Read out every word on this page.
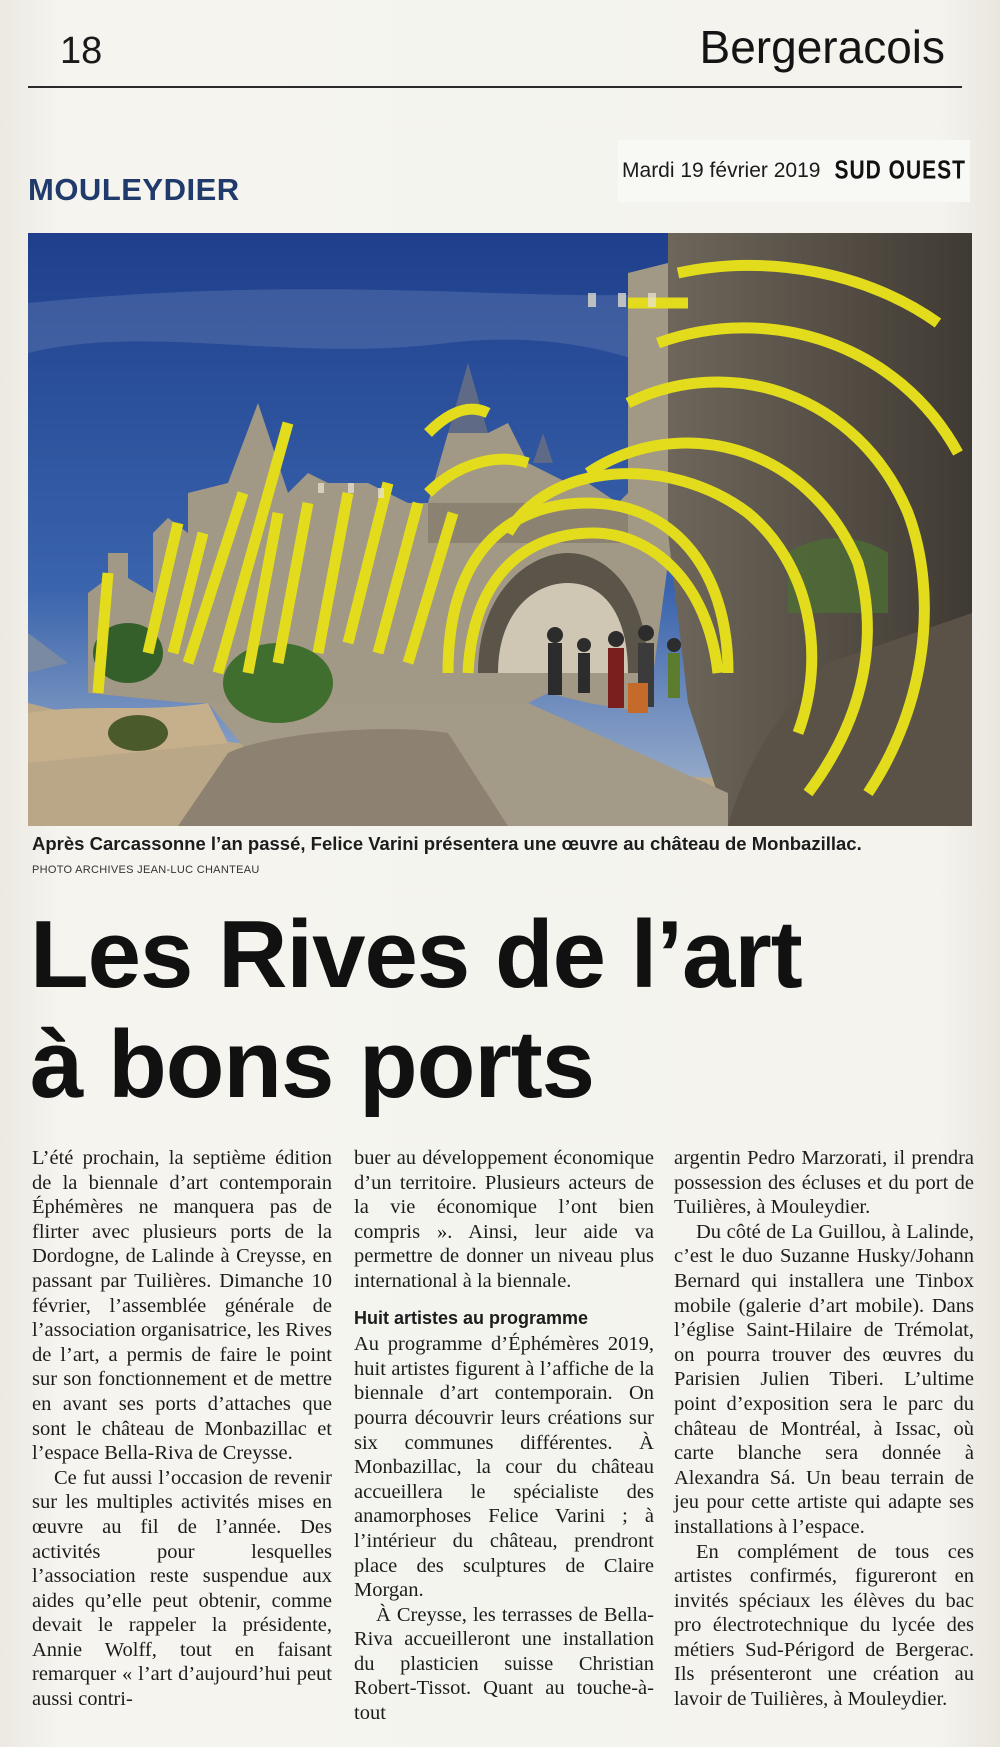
18	Bergeracois
Mardi 19 février 2019 SUD OUEST
MOULEYDIER
Après Carcassonne l’an passé, Felice Varini présentera une œuvre au château de Monbazillac.
PHOTO ARCHIVES JEAN-LUC CHANTEAU
Les Rives de l’art
à bons ports

L’été prochain, la septième édition de la biennale d’art contemporain Éphémères ne manquera pas de flirter avec plusieurs ports de la Dordogne, de Lalinde à Creysse, en passant par Tuilières. Dimanche 10 février, l’assemblée générale de l’association organisatrice, les Rives de l’art, a permis de faire le point sur son fonctionnement et de mettre en avant ses ports d’attaches que sont le château de Monbazillac et l’espace Bella-Riva de Creysse.

Ce fut aussi l’occasion de revenir sur les multiples activités mises en œuvre au fil de l’année. Des activités pour lesquelles l’association reste suspendue aux aides qu’elle peut obtenir, comme devait le rappeler la présidente, Annie Wolff, tout en faisant remarquer « l’art d’aujourd’hui peut aussi contri-

buer au développement économique d’un territoire. Plusieurs acteurs de la vie économique l’ont bien compris ». Ainsi, leur aide va permettre de donner un niveau plus international à la biennale.

Huit artistes au programme

Au programme d’Éphémères 2019, huit artistes figurent à l’affiche de la biennale d’art contemporain. On pourra découvrir leurs créations sur six communes différentes. À Monbazillac, la cour du château accueillera le spécialiste des anamorphoses Felice Varini ; à l’intérieur du château, prendront place des sculptures de Claire Morgan.

À Creysse, les terrasses de Bella-Riva accueilleront une installation du plasticien suisse Christian Robert-Tissot. Quant au touche-à-tout

argentin Pedro Marzorati, il prendra possession des écluses et du port de Tuilières, à Mouleydier.

Du côté de La Guillou, à Lalinde, c’est le duo Suzanne Husky/Johann Bernard qui installera une Tinbox mobile (galerie d’art mobile). Dans l’église Saint-Hilaire de Trémolat, on pourra trouver des œuvres du Parisien Julien Tiberi. L’ultime point d’exposition sera le parc du château de Montréal, à Issac, où carte blanche sera donnée à Alexandra Sá. Un beau terrain de jeu pour cette artiste qui adapte ses installations à l’espace.

En complément de tous ces artistes confirmés, figureront en invités spéciaux les élèves du bac pro électrotechnique du lycée des métiers Sud-Périgord de Bergerac. Ils présenteront une création au lavoir de Tuilières, à Mouleydier.
